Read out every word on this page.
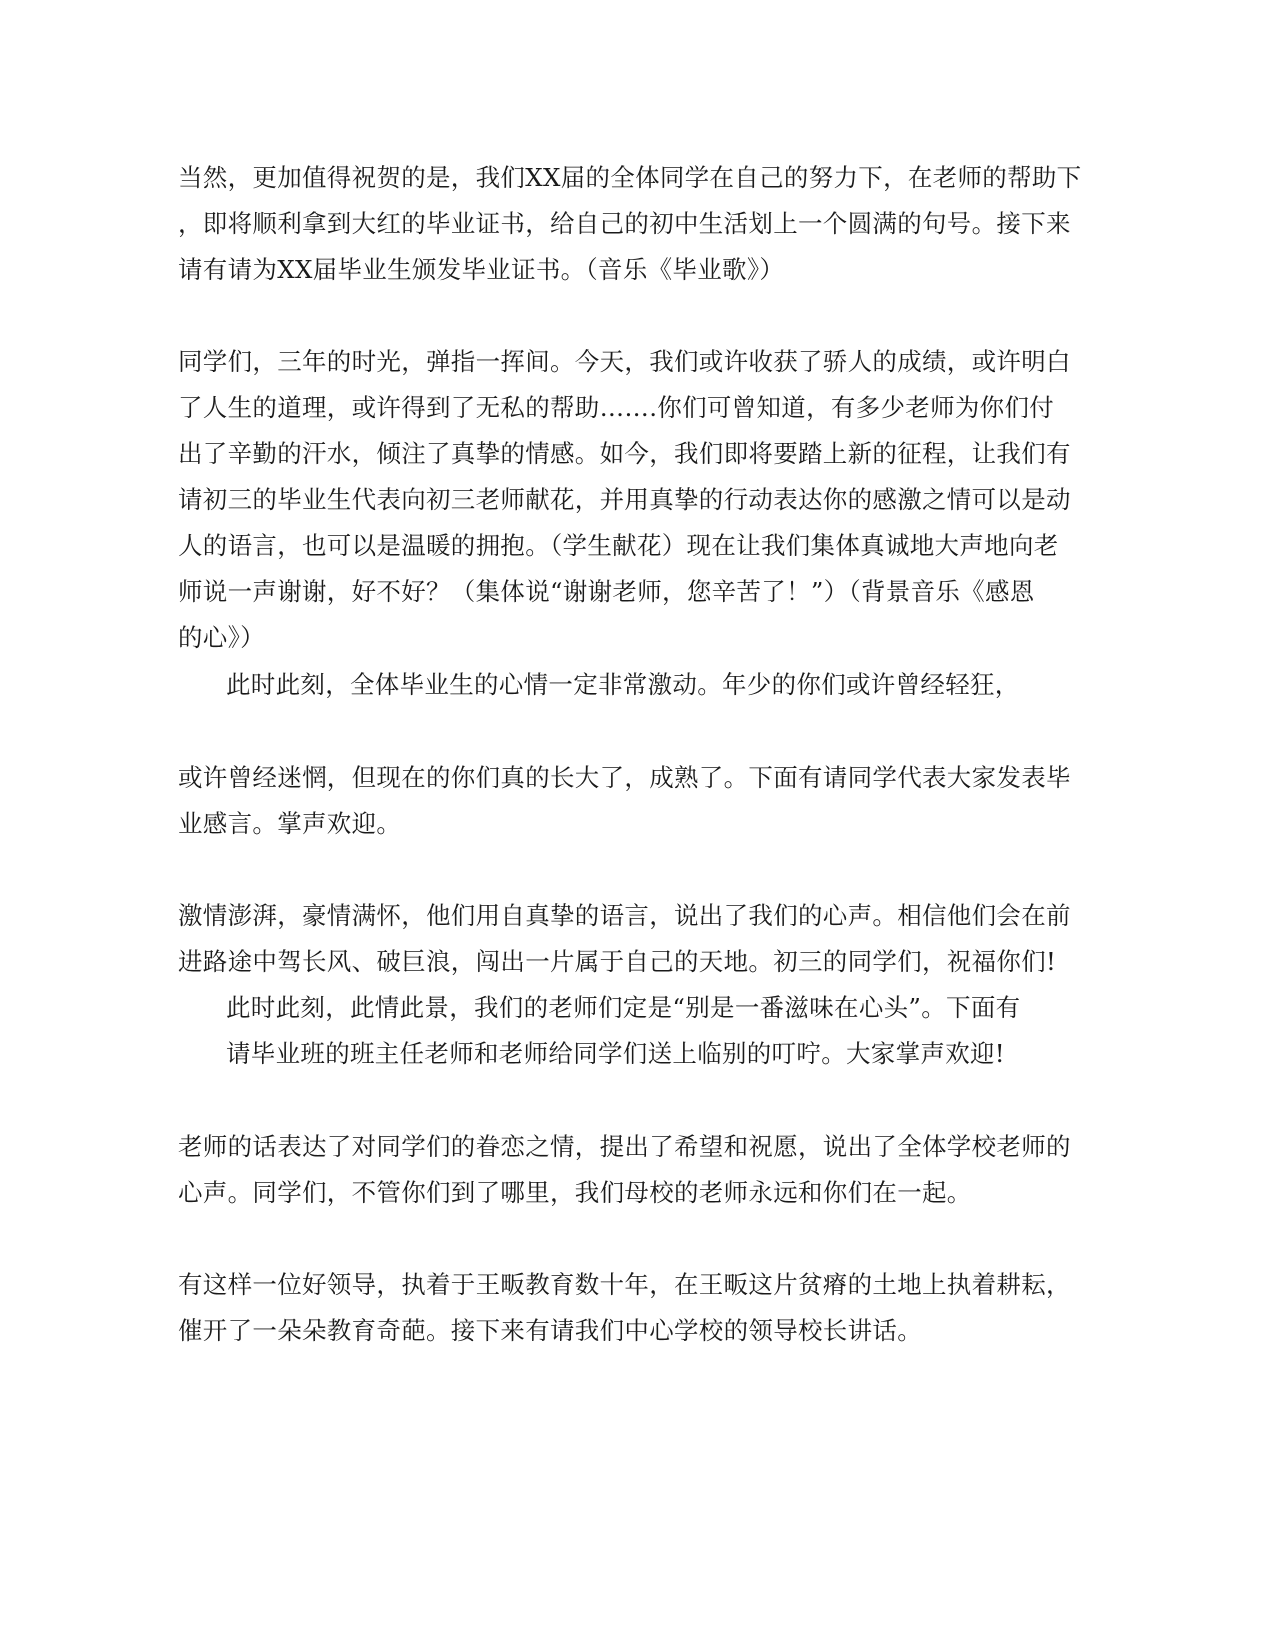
当然，更加值得祝贺的是，我们XX届的全体同学在自己的努力下，在老师的帮助下
，即将顺利拿到大红的毕业证书，给自己的初中生活划上一个圆满的句号。接下来
请有请为XX届毕业生颁发毕业证书。（音乐《毕业歌》）
同学们，三年的时光，弹指一挥间。今天，我们或许收获了骄人的成绩，或许明白
了人生的道理，或许得到了无私的帮助…….你们可曾知道，有多少老师为你们付
出了辛勤的汗水，倾注了真挚的情感。如今，我们即将要踏上新的征程，让我们有
请初三的毕业生代表向初三老师献花，并用真挚的行动表达你的感激之情可以是动
人的语言，也可以是温暖的拥抱。（学生献花）现在让我们集体真诚地大声地向老
师说一声谢谢，好不好？（集体说“谢谢老师，您辛苦了！”）（背景音乐《感恩
的心》）
此时此刻，全体毕业生的心情一定非常激动。年少的你们或许曾经轻狂，
或许曾经迷惘，但现在的你们真的长大了，成熟了。下面有请同学代表大家发表毕
业感言。掌声欢迎。
激情澎湃，豪情满怀，他们用自真挚的语言，说出了我们的心声。相信他们会在前
进路途中驾长风、破巨浪，闯出一片属于自己的天地。初三的同学们，祝福你们!
此时此刻，此情此景，我们的老师们定是“别是一番滋味在心头”。下面有
请毕业班的班主任老师和老师给同学们送上临别的叮咛。大家掌声欢迎!
老师的话表达了对同学们的眷恋之情，提出了希望和祝愿，说出了全体学校老师的
心声。同学们，不管你们到了哪里，我们母校的老师永远和你们在一起。
有这样一位好领导，执着于王畈教育数十年，在王畈这片贫瘠的土地上执着耕耘，
催开了一朵朵教育奇葩。接下来有请我们中心学校的领导校长讲话。
